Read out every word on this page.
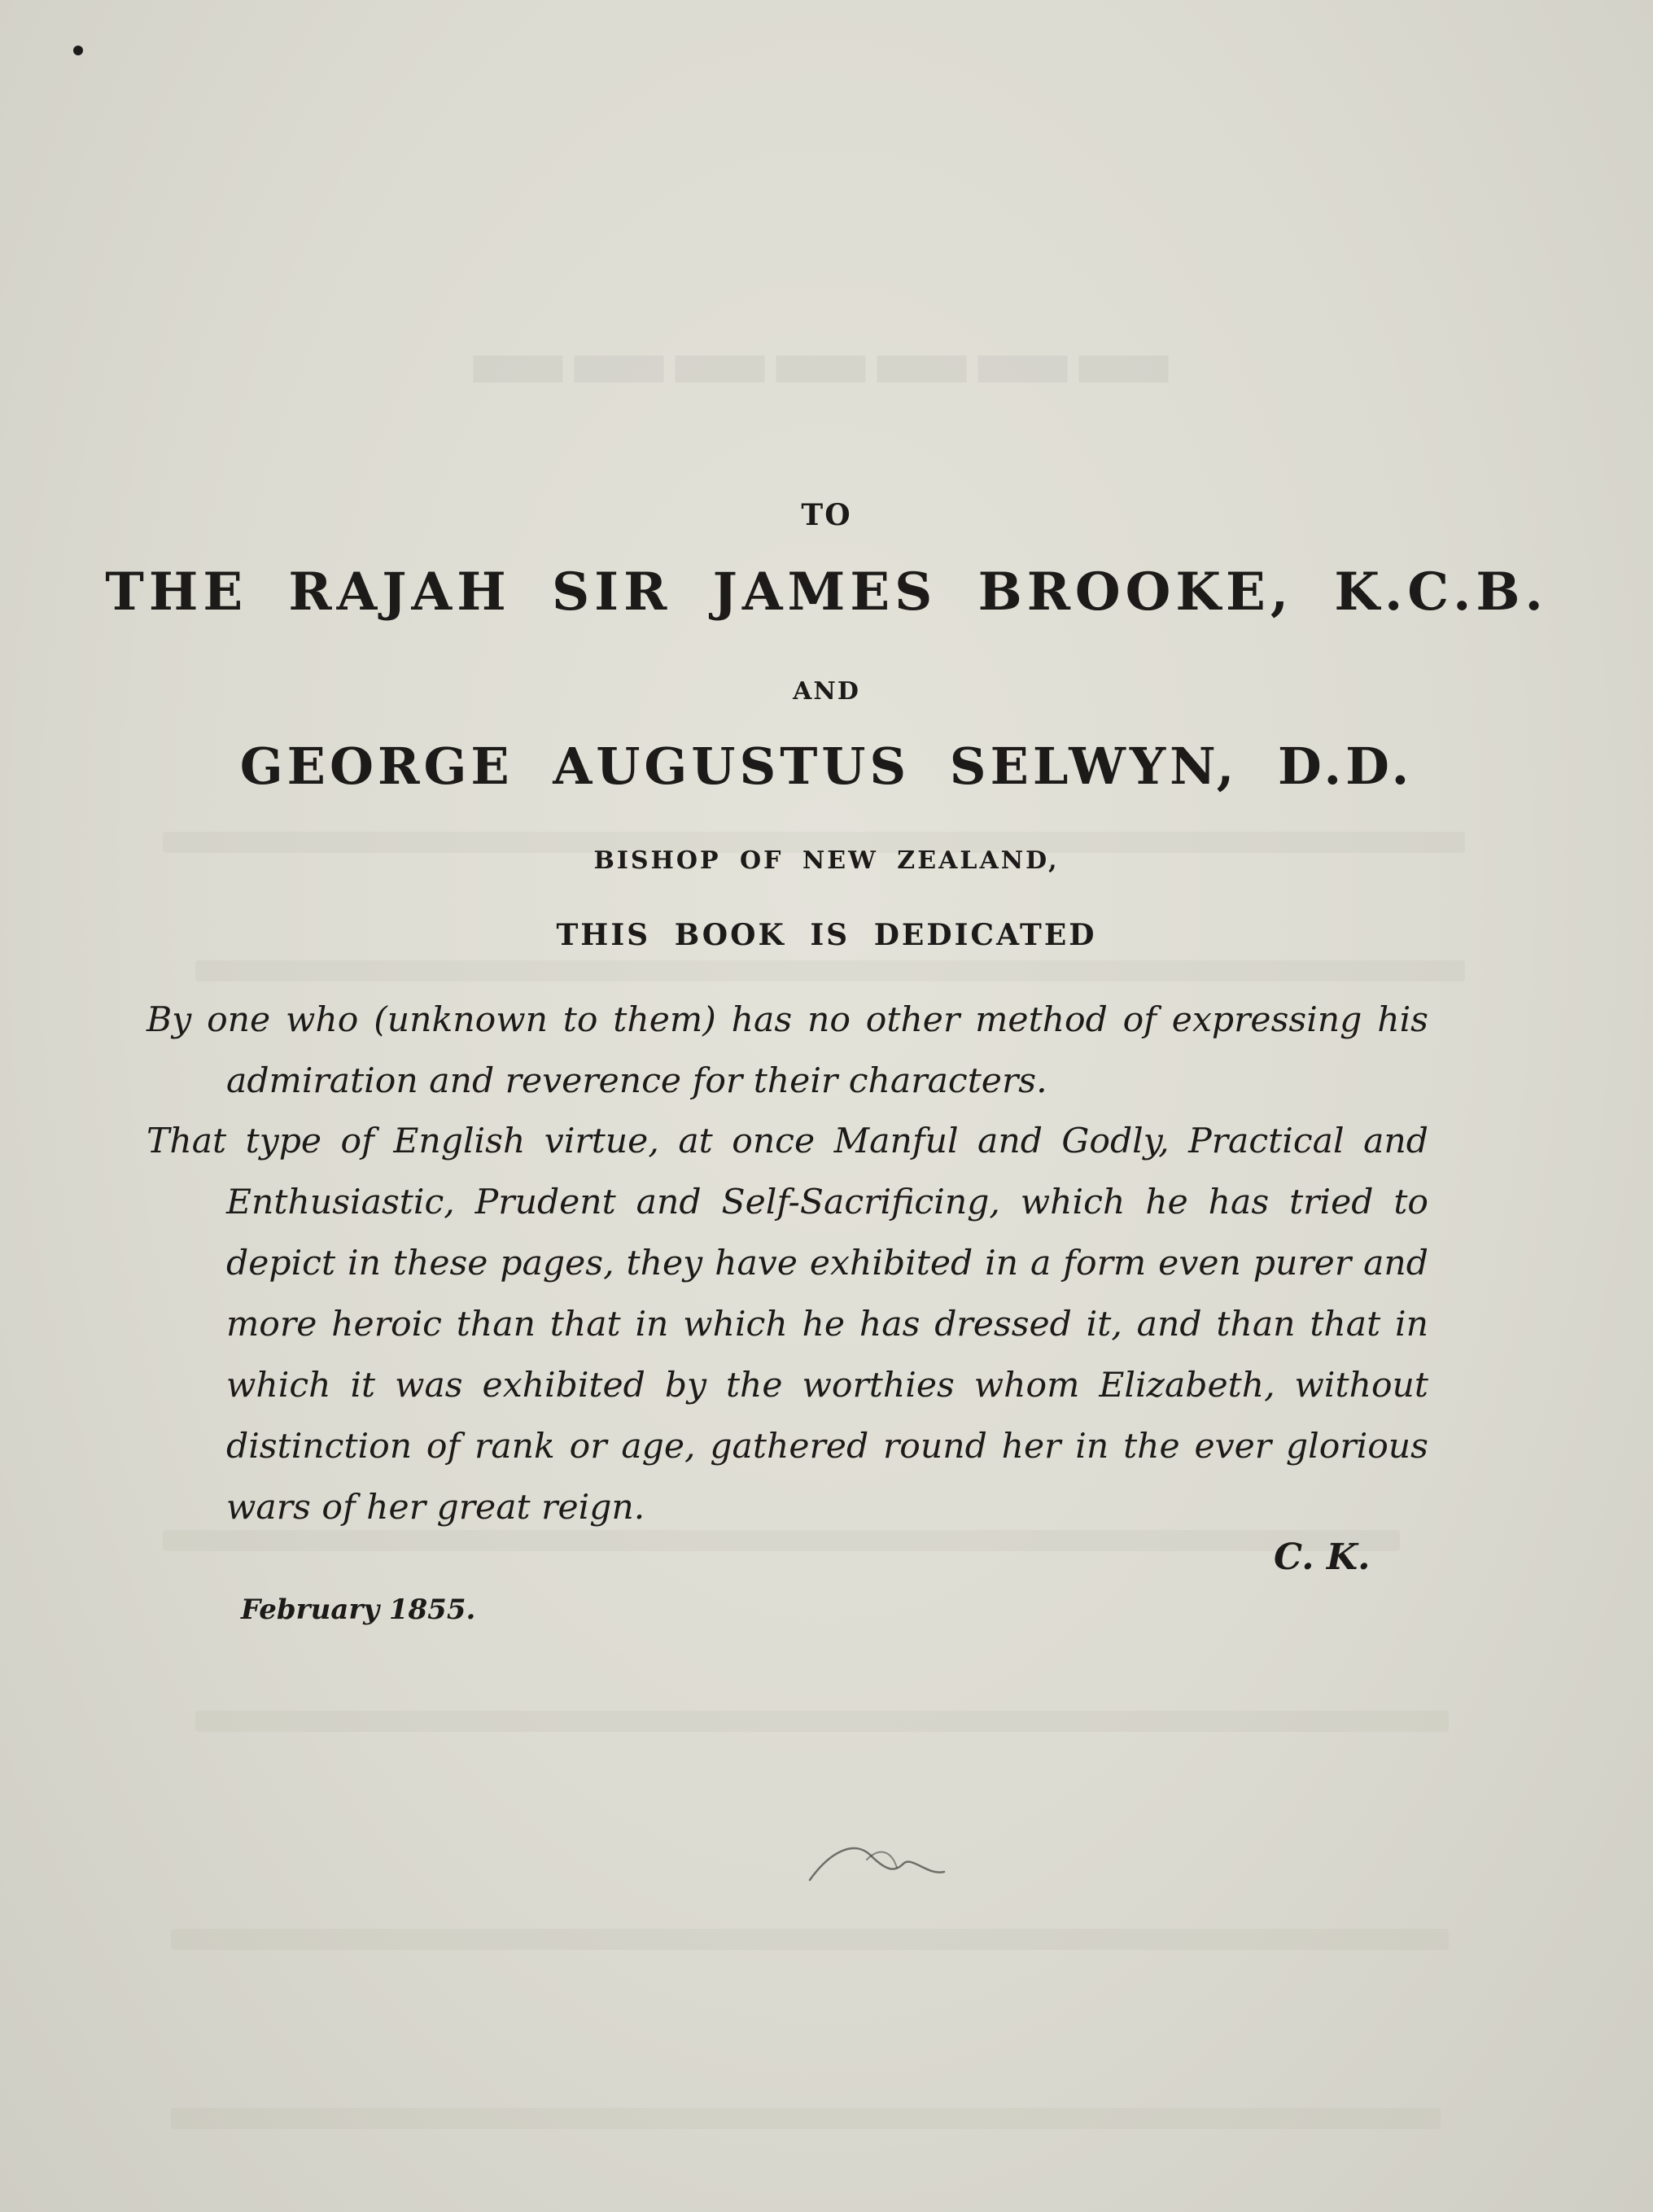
▬▬▬▬▬▬▬
TO
THE RAJAH SIR JAMES BROOKE, K.C.B.
AND
GEORGE AUGUSTUS SELWYN, D.D.
BISHOP OF NEW ZEALAND,
THIS BOOK IS DEDICATED
By one who (unknown to them) has no other method of expressing his admiration and reverence for their characters.
That type of English virtue, at once Manful and Godly, Practical and Enthusiastic, Prudent and Self-Sacrificing, which he has tried to depict in these pages, they have exhibited in a form even purer and more heroic than that in which he has dressed it, and than that in which it was exhibited by the worthies whom Elizabeth, without distinction of rank or age, gathered round her in the ever glorious wars of her great reign.
C. K.
February 1855.
